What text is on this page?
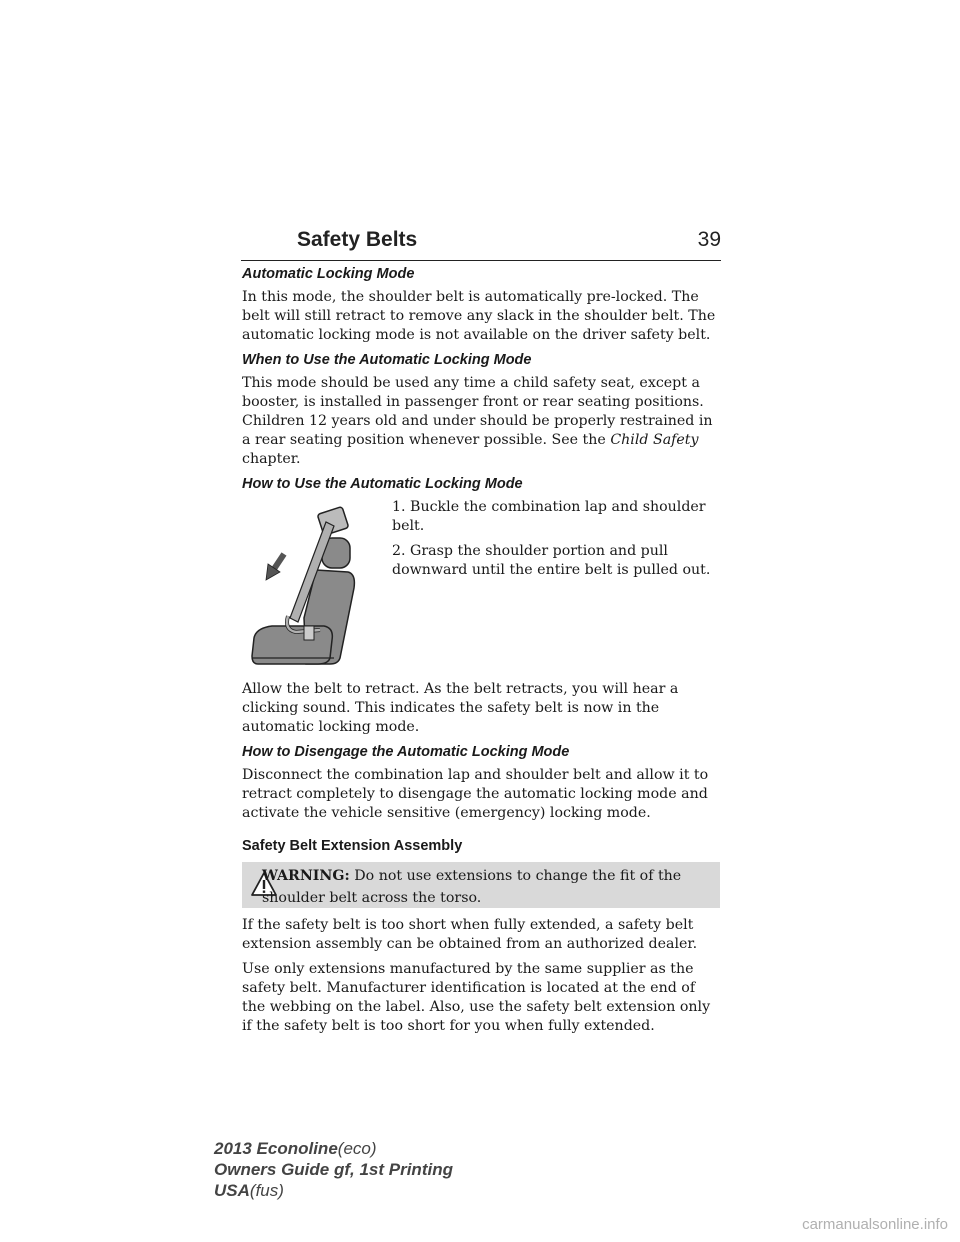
Safety Belts	39
Automatic Locking Mode

In this mode, the shoulder belt is automatically pre-locked. The belt will still retract to remove any slack in the shoulder belt. The automatic locking mode is not available on the driver safety belt.

When to Use the Automatic Locking Mode

This mode should be used any time a child safety seat, except a booster, is installed in passenger front or rear seating positions. Children 12 years old and under should be properly restrained in a rear seating position whenever possible. See the Child Safety chapter.

How to Use the Automatic Locking Mode

1. Buckle the combination lap and shoulder belt.

2. Grasp the shoulder portion and pull downward until the entire belt is pulled out.

Allow the belt to retract. As the belt retracts, you will hear a clicking sound. This indicates the safety belt is now in the automatic locking mode.

How to Disengage the Automatic Locking Mode

Disconnect the combination lap and shoulder belt and allow it to retract completely to disengage the automatic locking mode and activate the vehicle sensitive (emergency) locking mode.

Safety Belt Extension Assembly
WARNING: Do not use extensions to change the fit of the shoulder belt across the torso.

If the safety belt is too short when fully extended, a safety belt extension assembly can be obtained from an authorized dealer.

Use only extensions manufactured by the same supplier as the safety belt. Manufacturer identification is located at the end of the webbing on the label. Also, use the safety belt extension only if the safety belt is too short for you when fully extended.

2013 Econoline(eco)
Owners Guide gf, 1st Printing
USA(fus)
carmanualsonline.info
